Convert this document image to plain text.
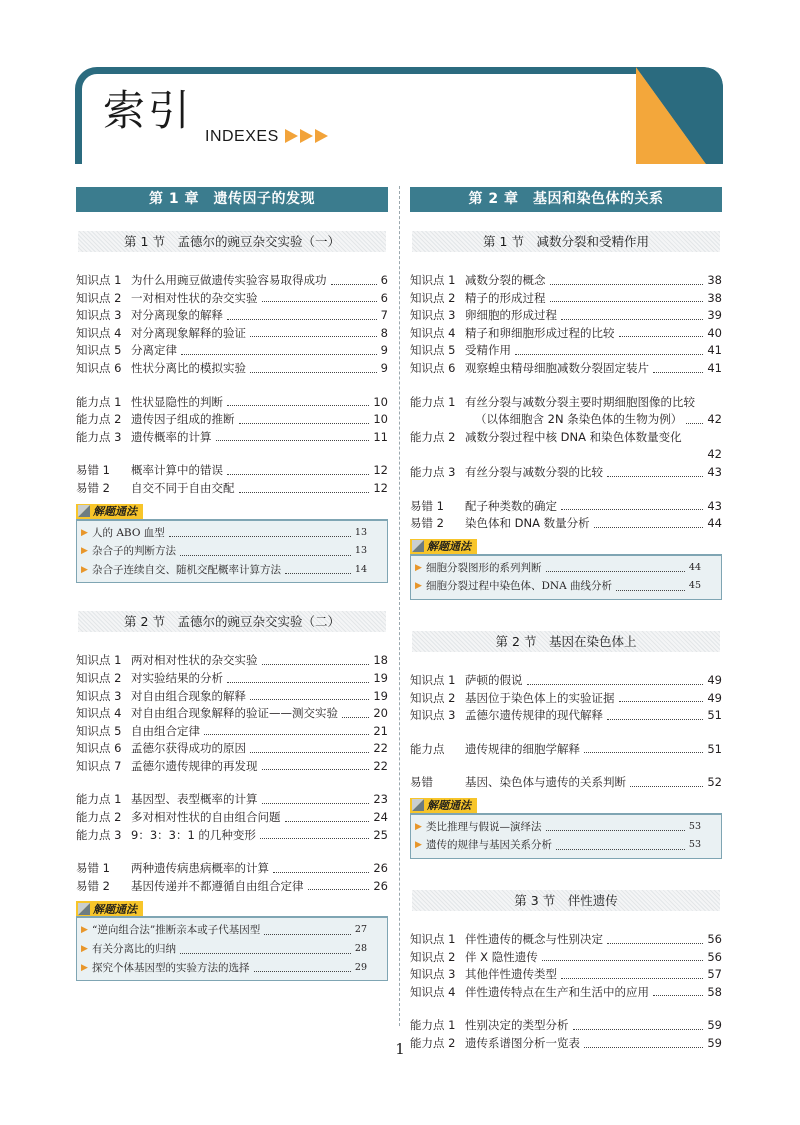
索引
INDEXES
第 1 章　遗传因子的发现
第 1 节　孟德尔的豌豆杂交实验（一）
知识点 1 为什么用豌豆做遗传实验容易取得成功	6
知识点 2 一对相对性状的杂交实验	6
知识点 3 对分离现象的解释	7
知识点 4 对分离现象解释的验证	8
知识点 5 分离定律	9
知识点 6 性状分离比的模拟实验	9
能力点 1 性状显隐性的判断	10
能力点 2 遗传因子组成的推断	10
能力点 3 遗传概率的计算	11
易错 1	概率计算中的错误	12
易错 2	自交不同于自由交配	12
解题通法
▶ 人的 ABO 血型	13
▶ 杂合子的判断方法	13
▶ 杂合子连续自交、随机交配概率计算方法	14
第 2 节　孟德尔的豌豆杂交实验（二）
知识点 1 两对相对性状的杂交实验	18
知识点 2 对实验结果的分析	19
知识点 3 对自由组合现象的解释	19
知识点 4 对自由组合现象解释的验证——测交实验	20
知识点 5 自由组合定律	21
知识点 6 孟德尔获得成功的原因	22
知识点 7 孟德尔遗传规律的再发现	22
能力点 1 基因型、表型概率的计算	23
能力点 2 多对相对性状的自由组合问题	24
能力点 3 9：3：3：1 的几种变形	25
易错 1	两种遗传病患病概率的计算	26
易错 2	基因传递并不都遵循自由组合定律	26
解题通法
▶ “逆向组合法”推断亲本或子代基因型	27
▶ 有关分离比的归纳	28
▶ 探究个体基因型的实验方法的选择	29
第 2 章　基因和染色体的关系
第 1 节　减数分裂和受精作用
知识点 1 减数分裂的概念	38
知识点 2 精子的形成过程	38
知识点 3 卵细胞的形成过程	39
知识点 4 精子和卵细胞形成过程的比较	40
知识点 5 受精作用	41
知识点 6 观察蝗虫精母细胞减数分裂固定装片	41
能力点 1 有丝分裂与减数分裂主要时期细胞图像的比较
（以体细胞含 2N 条染色体的生物为例） 42
能力点 2 减数分裂过程中核 DNA 和染色体数量变化
42
能力点 3 有丝分裂与减数分裂的比较	43
易错 1	配子种类数的确定	43
易错 2	染色体和 DNA 数量分析	44
解题通法
▶ 细胞分裂图形的系列判断	44
▶ 细胞分裂过程中染色体、DNA 曲线分析	45
第 2 节　基因在染色体上
知识点 1 萨顿的假说	49
知识点 2 基因位于染色体上的实验证据	49
知识点 3 孟德尔遗传规律的现代解释	51
能力点	遗传规律的细胞学解释	51
易错	基因、染色体与遗传的关系判断	52
解题通法
▶ 类比推理与假说—演绎法	53
▶ 遗传的规律与基因关系分析	53
第 3 节　伴性遗传
知识点 1 伴性遗传的概念与性别决定	56
知识点 2 伴 X 隐性遗传	56
知识点 3 其他伴性遗传类型	57
知识点 4 伴性遗传特点在生产和生活中的应用	58
能力点 1 性别决定的类型分析	59
能力点 2 遗传系谱图分析一览表	59
1
